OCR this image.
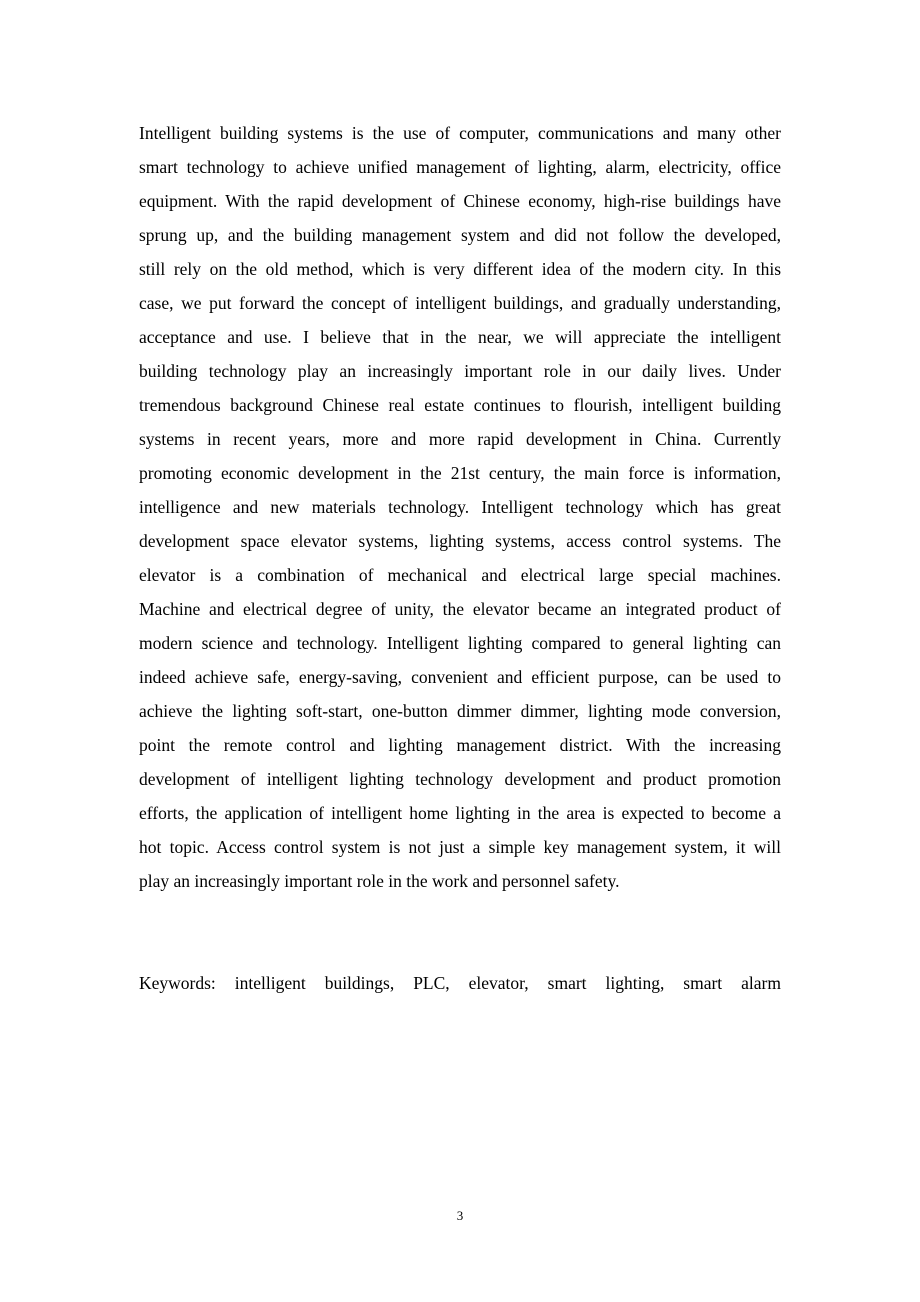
Intelligent building systems is the use of computer, communications and many other
smart technology to achieve unified management of lighting, alarm, electricity, office
equipment. With the rapid development of Chinese economy, high-rise buildings have
sprung up, and the building management system and did not follow the developed,
still rely on the old method, which is very different idea of the modern city. In this
case, we put forward the concept of intelligent buildings, and gradually understanding,
acceptance and use. I believe that in the near, we will appreciate the intelligent
building technology play an increasingly important role in our daily lives. Under
tremendous background Chinese real estate continues to flourish, intelligent building
systems in recent years, more and more rapid development in China. Currently
promoting economic development in the 21st century, the main force is information,
intelligence and new materials technology. Intelligent technology which has great
development space elevator systems, lighting systems, access control systems. The
elevator is a combination of mechanical and electrical large special machines.
Machine and electrical degree of unity, the elevator became an integrated product of
modern science and technology. Intelligent lighting compared to general lighting can
indeed achieve safe, energy-saving, convenient and efficient purpose, can be used to
achieve the lighting soft-start, one-button dimmer dimmer, lighting mode conversion,
point the remote control and lighting management district. With the increasing
development of intelligent lighting technology development and product promotion
efforts, the application of intelligent home lighting in the area is expected to become a
hot topic. Access control system is not just a simple key management system, it will
play an increasingly important role in the work and personnel safety.
Keywords: intelligent buildings, PLC, elevator, smart lighting, smart alarm
3
